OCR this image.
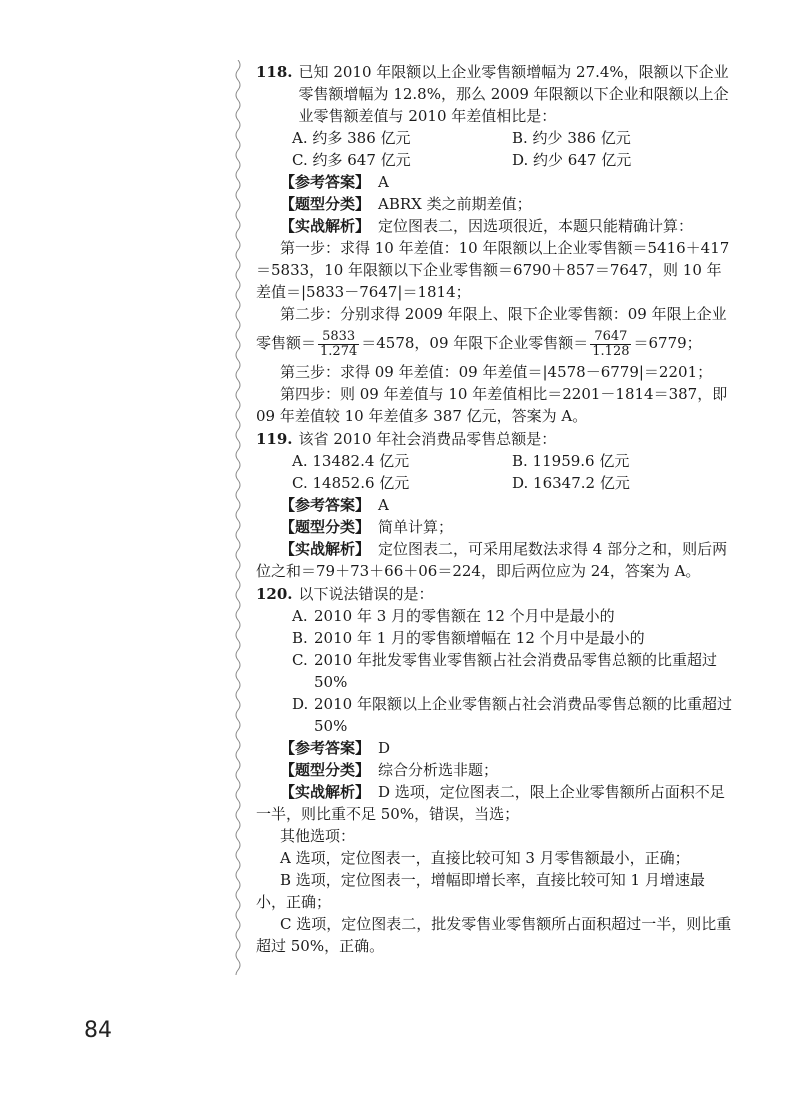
118. 已知 2010 年限额以上企业零售额增幅为 27.4%，限额以下企业零售额增幅为 12.8%，那么 2009 年限额以下企业和限额以上企业零售额差值与 2010 年差值相比是：
A. 约多 386 亿元	B. 约少 386 亿元
C. 约多 647 亿元	D. 约少 647 亿元
【参考答案】 A
【题型分类】 ABRX 类之前期差值；
【实战解析】 定位图表二，因选项很近，本题只能精确计算：
第一步：求得 10 年差值：10 年限额以上企业零售额＝5416＋417＝5833，10 年限额以下企业零售额＝6790＋857＝7647，则 10 年差值＝|5833－7647|＝1814；
第二步：分别求得 2009 年限上、限下企业零售额：09 年限上企业
零售额＝ $\frac{5833}{1.274} =4578$，09 年限下企业零售额＝ $\frac{7647}{1.128} =6779$；
第三步：求得 09 年差值：09 年差值＝|4578－6779|＝2201；
第四步：则 09 年差值与 10 年差值相比＝2201－1814＝387，即 09 年差值较 10 年差值多 387 亿元，答案为 A。
119. 该省 2010 年社会消费品零售总额是：
A. 13482.4 亿元	B. 11959.6 亿元
C. 14852.6 亿元	D. 16347.2 亿元
【参考答案】 A
【题型分类】 简单计算；
【实战解析】 定位图表二，可采用尾数法求得 4 部分之和，则后两位之和＝79＋73＋66＋06＝224，即后两位应为 24，答案为 A。
120. 以下说法错误的是：
A. 2010 年 3 月的零售额在 12 个月中是最小的
B. 2010 年 1 月的零售额增幅在 12 个月中是最小的
C. 2010 年批发零售业零售额占社会消费品零售总额的比重超过 50%
D. 2010 年限额以上企业零售额占社会消费品零售总额的比重超过 50%
【参考答案】 D
【题型分类】 综合分析选非题；
【实战解析】 D 选项，定位图表二，限上企业零售额所占面积不足一半，则比重不足 50%，错误，当选；
其他选项：
A 选项，定位图表一，直接比较可知 3 月零售额最小，正确；
B 选项，定位图表一，增幅即增长率，直接比较可知 1 月增速最小，正确；
C 选项，定位图表二，批发零售业零售额所占面积超过一半，则比重超过 50%，正确。
84
